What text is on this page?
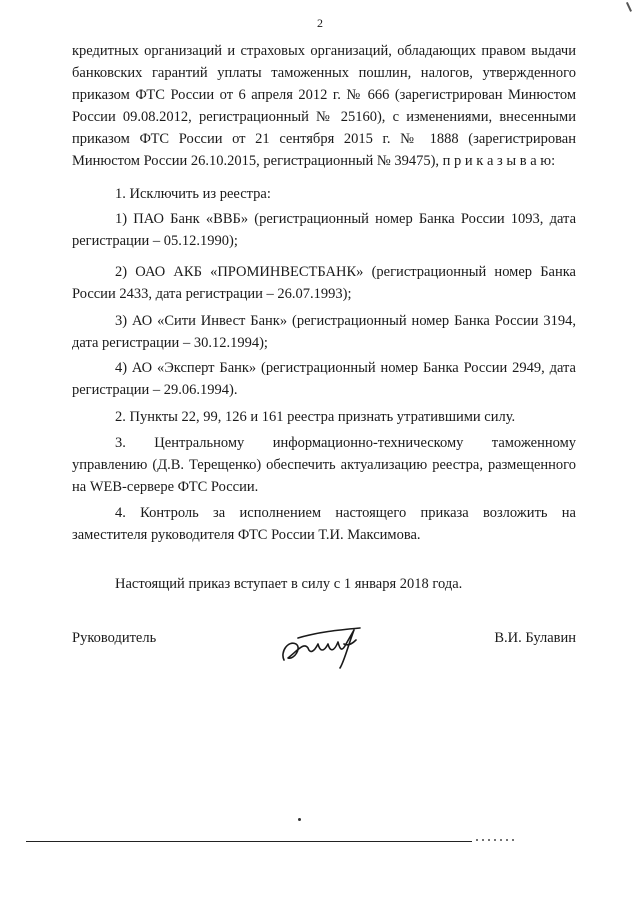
2

кредитных организаций и страховых организаций, обладающих правом выдачи банковских гарантий уплаты таможенных пошлин, налогов, утвержденного приказом ФТС России от 6 апреля 2012 г. № 666 (зарегистрирован Минюстом России 09.08.2012, регистрационный № 25160), с изменениями, внесенными приказом ФТС России от 21 сентября 2015 г. № 1888 (зарегистрирован Минюстом России 26.10.2015, регистрационный № 39475), п р и к а з ы в а ю:

1. Исключить из реестра:

1) ПАО Банк «ВВБ» (регистрационный номер Банка России 1093, дата регистрации – 05.12.1990);

2) ОАО АКБ «ПРОМИНВЕСТБАНК» (регистрационный номер Банка России 2433, дата регистрации – 26.07.1993);

3) АО «Сити Инвест Банк» (регистрационный номер Банка России 3194, дата регистрации – 30.12.1994);

4) АО «Эксперт Банк» (регистрационный номер Банка России 2949, дата регистрации – 29.06.1994).

2. Пункты 22, 99, 126 и 161 реестра признать утратившими силу.

3. Центральному информационно-техническому таможенному управлению (Д.В. Терещенко) обеспечить актуализацию реестра, размещенного на WEB-сервере ФТС России.

4. Контроль за исполнением настоящего приказа возложить на заместителя руководителя ФТС России Т.И. Максимова.

Настоящий приказ вступает в силу с 1 января 2018 года.

Руководитель	В.И. Булавин
